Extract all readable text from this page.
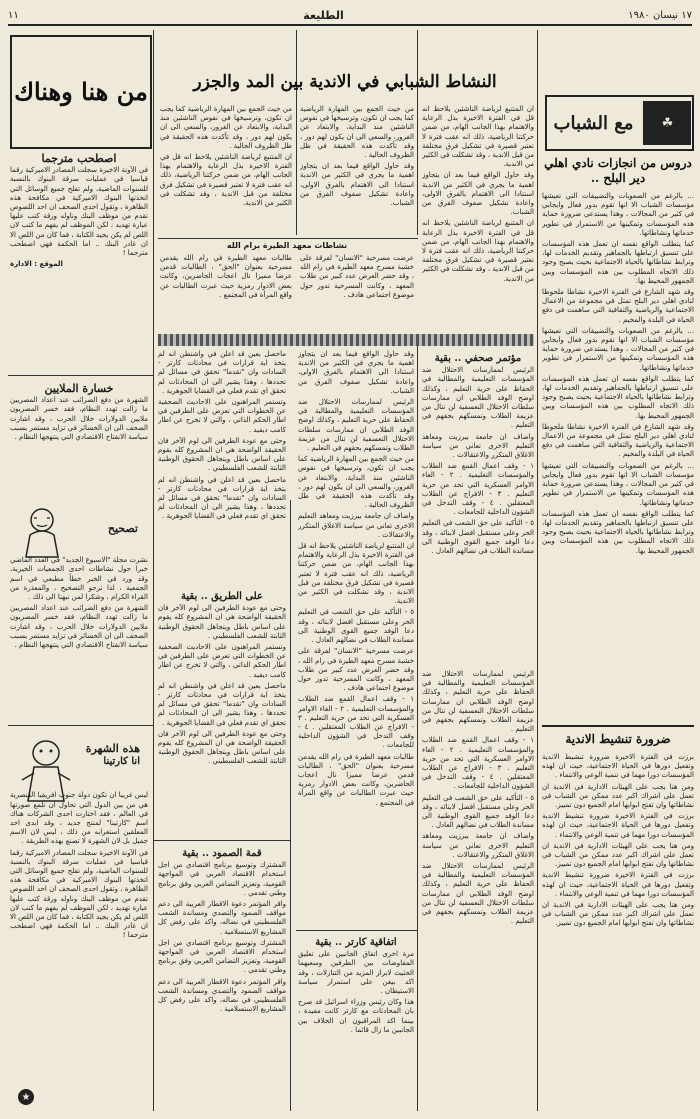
١٧ نيسان ١٩٨٠
الطليعة
١١
☘
مع الشباب
دروس من انجازات نادي اهلي دير البلح ..

... بالرغم من الصعوبات والتضييقات التي تعيشها مؤسسات الشباب الا انها تقوم بدور فعال وايجابي في كثير من المجالات ، وهذا يستدعي ضرورة حماية هذه المؤسسات وتمكينها من الاستمرار في تطوير خدماتها ونشاطاتها.

كما يتطلب الواقع نفسه ان تعمل هذه المؤسسات على تنسيق ارتباطها بالجماهير وتقديم الخدمات لها، وترابط نشاطاتها بالحياة الاجتماعية بحيث يصبح وجود ذلك الاتجاه المطلوب بين هذه المؤسسات وبين الجمهور المحيط بها.

وقد شهد الشارع في الفترة الاخيرة نشاطا ملحوظا لنادي اهلي دير البلح تمثل في مجموعة من الاعمال الاجتماعية والرياضية والثقافية التي ساهمت في دفع الحياة في البلدة والمخيم .

... بالرغم من الصعوبات والتضييقات التي تعيشها مؤسسات الشباب الا انها تقوم بدور فعال وايجابي في كثير من المجالات ، وهذا يستدعي ضرورة حماية هذه المؤسسات وتمكينها من الاستمرار في تطوير خدماتها ونشاطاتها.

كما يتطلب الواقع نفسه ان تعمل هذه المؤسسات على تنسيق ارتباطها بالجماهير وتقديم الخدمات لها، وترابط نشاطاتها بالحياة الاجتماعية بحيث يصبح وجود ذلك الاتجاه المطلوب بين هذه المؤسسات وبين الجمهور المحيط بها.

وقد شهد الشارع في الفترة الاخيرة نشاطا ملحوظا لنادي اهلي دير البلح تمثل في مجموعة من الاعمال الاجتماعية والرياضية والثقافية التي ساهمت في دفع الحياة في البلدة والمخيم .

... بالرغم من الصعوبات والتضييقات التي تعيشها مؤسسات الشباب الا انها تقوم بدور فعال وايجابي في كثير من المجالات ، وهذا يستدعي ضرورة حماية هذه المؤسسات وتمكينها من الاستمرار في تطوير خدماتها ونشاطاتها.

كما يتطلب الواقع نفسه ان تعمل هذه المؤسسات على تنسيق ارتباطها بالجماهير وتقديم الخدمات لها، وترابط نشاطاتها بالحياة الاجتماعية بحيث يصبح وجود ذلك الاتجاه المطلوب بين هذه المؤسسات وبين الجمهور المحيط بها.

ضرورة تنشيط الاندية

برزت في الفترة الاخيرة ضرورة تنشيط الاندية وتفعيل دورها في الحياة الاجتماعية، حيث ان لهذه المؤسسات دورا مهما في تنمية الوعي والانتماء .

ومن هنا يجب على الهيئات الادارية في الاندية ان تعمل على اشراك اكبر عدد ممكن من الشباب في نشاطاتها وان تفتح ابوابها امام الجميع دون تمييز.

برزت في الفترة الاخيرة ضرورة تنشيط الاندية وتفعيل دورها في الحياة الاجتماعية، حيث ان لهذه المؤسسات دورا مهما في تنمية الوعي والانتماء .

ومن هنا يجب على الهيئات الادارية في الاندية ان تعمل على اشراك اكبر عدد ممكن من الشباب في نشاطاتها وان تفتح ابوابها امام الجميع دون تمييز.

برزت في الفترة الاخيرة ضرورة تنشيط الاندية وتفعيل دورها في الحياة الاجتماعية، حيث ان لهذه المؤسسات دورا مهما في تنمية الوعي والانتماء .

ومن هنا يجب على الهيئات الادارية في الاندية ان تعمل على اشراك اكبر عدد ممكن من الشباب في نشاطاتها وان تفتح ابوابها امام الجميع دون تمييز.

النشاط الشبابي في الاندية بين المد والجزر

ان المتتبع لرياضة الناشئين يلاحظ انه قل في الفترة الاخيرة بذل الرعاية والاهتمام بهذا الجانب الهام، من ضمن حركتنا الرياضية، ذلك انه عقب فترة لا تعتبر قصيرة في تشكيل فرق مختلفة من قبل الاندية ، وقد تشكلت في الكثير من الاندية.

وقد حاول الواقع فيما بعد ان يتجاوز اهمية ما يجري في الكثير من الاندية استنادا الى الاهتمام بالفرق الاولى، واعادة تشكيل صفوف الفرق من الشباب.

ان المتتبع لرياضة الناشئين يلاحظ انه قل في الفترة الاخيرة بذل الرعاية والاهتمام بهذا الجانب الهام، من ضمن حركتنا الرياضية، ذلك انه عقب فترة لا تعتبر قصيرة في تشكيل فرق مختلفة من قبل الاندية ، وقد تشكلت في الكثير من الاندية.

من حيث الجمع بين المهارة الرياضية كما يجب ان تكون، وترسيخها في نفوس الناشئين منذ البداية، والابتعاد عن الغرور، والسعي الى ان يكون لهم دور ، وقد تأكدت هذه الحقيقة في ظل الظروف الحالية .

وقد حاول الواقع فيما بعد ان يتجاوز اهمية ما يجري في الكثير من الاندية استنادا الى الاهتمام بالفرق الاولى، واعادة تشكيل صفوف الفرق من الشباب.

من حيث الجمع بين المهارة الرياضية كما يجب ان تكون، وترسيخها في نفوس الناشئين منذ البداية، والابتعاد عن الغرور، والسعي الى ان يكون لهم دور ، وقد تأكدت هذه الحقيقة في ظل الظروف الحالية .

ان المتتبع لرياضة الناشئين يلاحظ انه قل في الفترة الاخيرة بذل الرعاية والاهتمام بهذا الجانب الهام، من ضمن حركتنا الرياضية، ذلك انه عقب فترة لا تعتبر قصيرة في تشكيل فرق مختلفة من قبل الاندية ، وقد تشكلت في الكثير من الاندية.

نشاطات معهد الطيرة برام الله

عرضت مسرحية "الانسان" لفرقة على خشبة مسرح معهد الطيرة في رام الله ، وقد حضر العرض عدد كبير من طلاب المعهد ، وكانت المسرحية تدور حول موضوع اجتماعي هادف .

طالبات معهد الطيرة في رام الله يقدمن مسرحية بعنوان "الحق" ، الطالبات قدمن عرضا مميزا نال اعجاب الحاضرين، وكانت بعض الادوار رمزية حيث عبرت الطالبات عن واقع المرأة في المجتمع .

مؤتمر صحفي .. بقية

الرئيس لممارسات الاحتلال ضد المؤسسات التعليمية والمطالبة في الحفاظ على حرية التعليم ، وكذلك اوضح الوفد الطلابي ان ممارسات سلطات الاحتلال التعسفية لن تنال من عزيمة الطلاب وتمسكهم بحقهم في التعليم .

واضاف ان جامعة بيرزيت ومعاهد التعليم الاخرى تعاني من سياسة الاغلاق المتكرر والاعتقالات .

١ - وقف اعمال القمع ضد الطلاب والمؤسسات التعليمية . ٢ - الغاء الاوامر العسكرية التي تحد من حرية التعليم . ٣ - الافراج عن الطلاب المعتقلين . ٤ - وقف التدخل في الشؤون الداخلية للجامعات .

٥ - التأكيد على حق الشعب في التعليم الحر وعلى مستقبل افضل لابنائه ، وقد دعا الوفد جميع القوى الوطنية الى مساندة الطلاب في نضالهم العادل .

الرئيس لممارسات الاحتلال ضد المؤسسات التعليمية والمطالبة في الحفاظ على حرية التعليم ، وكذلك اوضح الوفد الطلابي ان ممارسات سلطات الاحتلال التعسفية لن تنال من عزيمة الطلاب وتمسكهم بحقهم في التعليم .

١ - وقف اعمال القمع ضد الطلاب والمؤسسات التعليمية . ٢ - الغاء الاوامر العسكرية التي تحد من حرية التعليم . ٣ - الافراج عن الطلاب المعتقلين . ٤ - وقف التدخل في الشؤون الداخلية للجامعات .

٥ - التأكيد على حق الشعب في التعليم الحر وعلى مستقبل افضل لابنائه ، وقد دعا الوفد جميع القوى الوطنية الى مساندة الطلاب في نضالهم العادل .

واضاف ان جامعة بيرزيت ومعاهد التعليم الاخرى تعاني من سياسة الاغلاق المتكرر والاعتقالات .

الرئيس لممارسات الاحتلال ضد المؤسسات التعليمية والمطالبة في الحفاظ على حرية التعليم ، وكذلك اوضح الوفد الطلابي ان ممارسات سلطات الاحتلال التعسفية لن تنال من عزيمة الطلاب وتمسكهم بحقهم في التعليم .

وقد حاول الواقع فيما بعد ان يتجاوز اهمية ما يجري في الكثير من الاندية استنادا الى الاهتمام بالفرق الاولى، واعادة تشكيل صفوف الفرق من الشباب.

الرئيس لممارسات الاحتلال ضد المؤسسات التعليمية والمطالبة في الحفاظ على حرية التعليم ، وكذلك اوضح الوفد الطلابي ان ممارسات سلطات الاحتلال التعسفية لن تنال من عزيمة الطلاب وتمسكهم بحقهم في التعليم .

من حيث الجمع بين المهارة الرياضية كما يجب ان تكون، وترسيخها في نفوس الناشئين منذ البداية، والابتعاد عن الغرور، والسعي الى ان يكون لهم دور ، وقد تأكدت هذه الحقيقة في ظل الظروف الحالية .

واضاف ان جامعة بيرزيت ومعاهد التعليم الاخرى تعاني من سياسة الاغلاق المتكرر والاعتقالات .

ان المتتبع لرياضة الناشئين يلاحظ انه قل في الفترة الاخيرة بذل الرعاية والاهتمام بهذا الجانب الهام، من ضمن حركتنا الرياضية، ذلك انه عقب فترة لا تعتبر قصيرة في تشكيل فرق مختلفة من قبل الاندية ، وقد تشكلت في الكثير من الاندية.

٥ - التأكيد على حق الشعب في التعليم الحر وعلى مستقبل افضل لابنائه ، وقد دعا الوفد جميع القوى الوطنية الى مساندة الطلاب في نضالهم العادل .

عرضت مسرحية "الانسان" لفرقة على خشبة مسرح معهد الطيرة في رام الله ، وقد حضر العرض عدد كبير من طلاب المعهد ، وكانت المسرحية تدور حول موضوع اجتماعي هادف .

١ - وقف اعمال القمع ضد الطلاب والمؤسسات التعليمية . ٢ - الغاء الاوامر العسكرية التي تحد من حرية التعليم . ٣ - الافراج عن الطلاب المعتقلين . ٤ - وقف التدخل في الشؤون الداخلية للجامعات .

طالبات معهد الطيرة في رام الله يقدمن مسرحية بعنوان "الحق" ، الطالبات قدمن عرضا مميزا نال اعجاب الحاضرين، وكانت بعض الادوار رمزية حيث عبرت الطالبات عن واقع المرأة في المجتمع .

اتفاقية كارتر .. بقية

مرة اخرى اتفاق الجانبين على تعليق المفاوضات بين الطرفين وسعيهما الحثيث لابراز المزيد من التنازلات ، وقد اكد بيغن على استمرار سياسة الاستيطان .

هذا وكان رئيس وزراء اسرائيل قد صرح بان المحادثات مع كارتر كانت مفيدة ، بينما اكد المراقبون ان الخلاف بين الجانبين ما زال قائما .

ماحصل بعين قد اعلن في واشنطن انه لم يتخذ اية قرارات في محادثات كارتر - السادات وان "تقدما" تحقق في مسائل لم تحددها ، وهذا يشير الى ان المحادثات لم تحقق اي تقدم فعلي في القضايا الجوهرية .

وتستمر المراهنون على الاحاديث الصحفية عن الخطوات التي تعرض على الطرفين في اطار الحكم الذاتي ، والتي لا تخرج عن اطار كامب ديفيد .

وحتى مع عودة الطرفين الى لوم الآخر فان الحقيقة الواضحة هي ان المشروع كله يقوم على اساس باطل ويتجاهل الحقوق الوطنية الثابتة للشعب الفلسطيني .

ماحصل بعين قد اعلن في واشنطن انه لم يتخذ اية قرارات في محادثات كارتر - السادات وان "تقدما" تحقق في مسائل لم تحددها ، وهذا يشير الى ان المحادثات لم تحقق اي تقدم فعلي في القضايا الجوهرية .

على الطريق .. بقية

وحتى مع عودة الطرفين الى لوم الآخر فان الحقيقة الواضحة هي ان المشروع كله يقوم على اساس باطل ويتجاهل الحقوق الوطنية الثابتة للشعب الفلسطيني .

وتستمر المراهنون على الاحاديث الصحفية عن الخطوات التي تعرض على الطرفين في اطار الحكم الذاتي ، والتي لا تخرج عن اطار كامب ديفيد .

ماحصل بعين قد اعلن في واشنطن انه لم يتخذ اية قرارات في محادثات كارتر - السادات وان "تقدما" تحقق في مسائل لم تحددها ، وهذا يشير الى ان المحادثات لم تحقق اي تقدم فعلي في القضايا الجوهرية .

وحتى مع عودة الطرفين الى لوم الآخر فان الحقيقة الواضحة هي ان المشروع كله يقوم على اساس باطل ويتجاهل الحقوق الوطنية الثابتة للشعب الفلسطيني .

قمة الصمود .. بقية

المشترك وتوسيع برنامج اقتصادي من اجل استخدام الاقتصاد العربي في المواجهة القومية، وتعزيز التضامن العربي وفق برنامج وطني تقدمي .

واقر المؤتمر دعوة الاقطار العربية الى دعم مواقف الصمود والتصدي ومساندة الشعب الفلسطيني في نضاله، واكد على رفض كل المشاريع الاستسلامية .

المشترك وتوسيع برنامج اقتصادي من اجل استخدام الاقتصاد العربي في المواجهة القومية، وتعزيز التضامن العربي وفق برنامج وطني تقدمي .

واقر المؤتمر دعوة الاقطار العربية الى دعم مواقف الصمود والتصدي ومساندة الشعب الفلسطيني في نضاله، واكد على رفض كل المشاريع الاستسلامية .

من هنا وهناك
اصطحب مترجما

في الآونة الاخيرة سجلت المصادر الاميركية رقما قياسيا في عمليات سرقة البنوك بالنسبة للسنوات الماضية، ولم تفلح جميع الوسائل التي اتخذتها البنوك الاميركية في مكافحة هذه الظاهرة ، وتقول احدى الصحف ان احد اللصوص تقدم من موظف البنك وناوله ورقة كتب عليها عبارة تهديد ، لكن الموظف لم يفهم ما كتب لان اللص لم يكن يجيد الكتابة ، فما كان من اللص الا ان غادر البنك .. اما الحكمة فهي اصطحب مترجما !

الموقع : الادارة

خسارة الملايين

الشهرة من دفع الضرائب عند اعداد المصريين ما زالت تهدد النظام، فقد خسر المصريون ملايين الدولارات خلال الحرب ، وقد اشارت الصحف الى ان الخسائر في تزايد مستمر بسبب سياسة الانفتاح الاقتصادي التي ينتهجها النظام .

تصحيح

نشرت مجلة "الاسبوع الجديد" في العدد الماضي خبرا حول نشاطات احدى الجمعيات الخيرية، وقد ورد في الخبر خطأ مطبعي في اسم الجمعية ، لذا نرجو التصحيح ، والمعذرة من القراء الكرام ، وشكرا لمن نبهنا الى ذلك .

الشهرة من دفع الضرائب عند اعداد المصريين ما زالت تهدد النظام، فقد خسر المصريون ملايين الدولارات خلال الحرب ، وقد اشارت الصحف الى ان الخسائر في تزايد مستمر بسبب سياسة الانفتاح الاقتصادي التي ينتهجها النظام .

هذه الشهرة
انا كارتينا

ليس غريبا ان تكون دولة جنوب افريقيا العنصرية هي من بين الدول التي تحاول ان تلمع صورتها في العالم ، فقد اختارت احدى الشركات هناك اسم "كارتينا" لمنتج جديد ، وقد ابدى احد المعلقين استغرابه من ذلك ، ليس لان الاسم جميل بل لان الشهرة لا تصنع بهذه الطريقة .

في الآونة الاخيرة سجلت المصادر الاميركية رقما قياسيا في عمليات سرقة البنوك بالنسبة للسنوات الماضية، ولم تفلح جميع الوسائل التي اتخذتها البنوك الاميركية في مكافحة هذه الظاهرة ، وتقول احدى الصحف ان احد اللصوص تقدم من موظف البنك وناوله ورقة كتب عليها عبارة تهديد ، لكن الموظف لم يفهم ما كتب لان اللص لم يكن يجيد الكتابة ، فما كان من اللص الا ان غادر البنك .. اما الحكمة فهي اصطحب مترجما !

★
